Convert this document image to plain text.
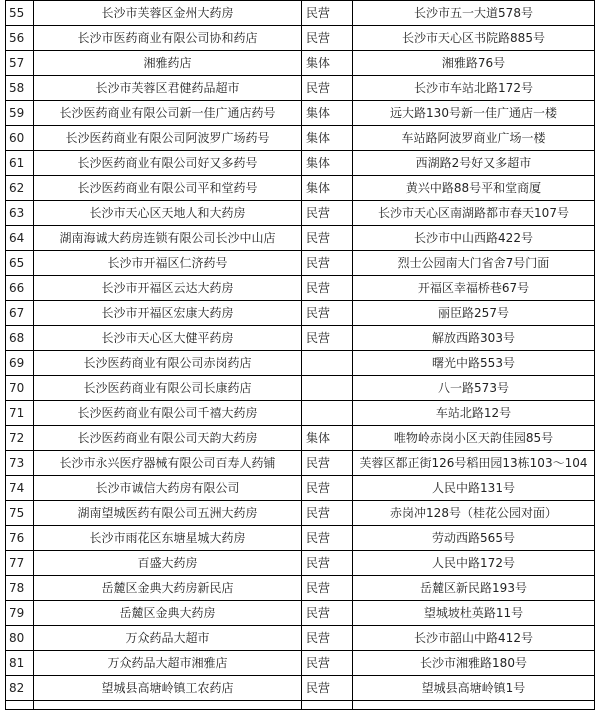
55	长沙市芙蓉区金州大药房	民营	长沙市五一大道578号
56	长沙市医药商业有限公司协和药店	民营	长沙市天心区书院路885号
57	湘雅药店	集体	湘雅路76号
58	长沙市芙蓉区君健药品超市	民营	长沙市车站北路172号
59	长沙医药商业有限公司新一佳广通店药号	集体	远大路130号新一佳广通店一楼
60	长沙医药商业有限公司阿波罗广场药号	集体	车站路阿波罗商业广场一楼
61	长沙医药商业有限公司好又多药号	集体	西湖路2号好又多超市
62	长沙医药商业有限公司平和堂药号	集体	黄兴中路88号平和堂商厦
63	长沙市天心区天地人和大药房	民营	长沙市天心区南湖路都市春天107号
64	湖南海诚大药房连锁有限公司长沙中山店	民营	长沙市中山西路422号
65	长沙市开福区仁济药号	民营	烈士公园南大门省舍7号门面
66	长沙市开福区云达大药房	民营	开福区幸福桥巷67号
67	长沙市开福区宏康大药房	民营	丽臣路257号
68	长沙市天心区大健平药房	民营	解放西路303号
69	长沙医药商业有限公司赤岗药店		曙光中路553号
70	长沙医药商业有限公司长康药店		八一路573号
71	长沙医药商业有限公司千禧大药房		车站北路12号
72	长沙医药商业有限公司天韵大药房	集体	唯物岭赤岗小区天韵佳园85号
73	长沙市永兴医疗器械有限公司百寿人药铺	民营	芙蓉区都正街126号稻田园13栋103～104
74	长沙市诚信大药房有限公司	民营	人民中路131号
75	湖南望城医药有限公司五洲大药房	民营	赤岗冲128号（桂花公园对面）
76	长沙市雨花区东塘星城大药房	民营	劳动西路565号
77	百盛大药房	民营	人民中路172号
78	岳麓区金典大药房新民店	民营	岳麓区新民路193号
79	岳麓区金典大药房	民营	望城坡杜英路11号
80	万众药品大超市	民营	长沙市韶山中路412号
81	万众药品大超市湘雅店	民营	长沙市湘雅路180号
82	望城县高塘岭镇工农药店	民营	望城县高塘岭镇1号
